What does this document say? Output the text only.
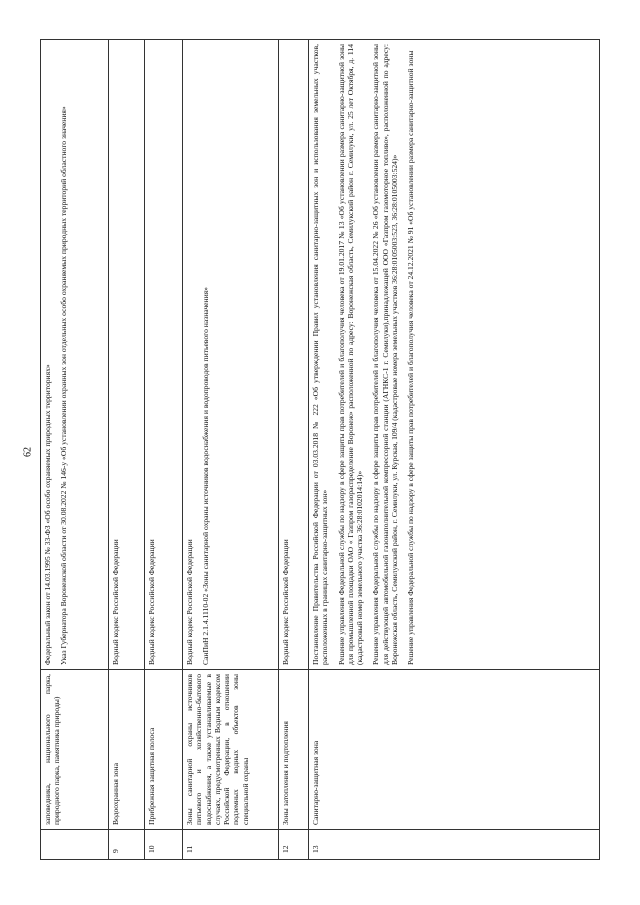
62
	заповедника, национального парка, природного парка, памятника природы)	Федеральный закон от 14.03.1995 № 33-ФЗ «Об особо охраняемых природных территориях» Указ Губернатора Воронежской области от 30.08.2022 № 146-у «Об установлении охранных зон отдельных особо охраняемых природных территорий областного значения»

9	Водоохранная зона	Водный кодекс Российской Федерации

10	Прибрежная защитная полоса	Водный кодекс Российской Федерации

11	Зоны санитарной охраны источников питьевого и хозяйственно-бытового водоснабжения, а также устанавливаемые в случаях, предусмотренных Водным кодексом Российской Федерации, в отношении подземных водных объектов зоны специальной охраны	Водный кодекс Российской Федерации СанПиН 2.1.4.1110-02 «Зоны санитарной охраны источников водоснабжения и водопроводов питьевого назначения»

12	Зоны затопления и подтопления	Водный кодекс Российской Федерации

13	Санитарно-защитная зона	Постановление Правительства Российской Федерации от 03.03.2018 № 222 «Об утверждении Правил установления санитарно-защитных зон и использования земельных участков, расположенных в границах санитарно-защитных зон» Решение управления Федеральной службы по надзору в сфере защиты прав потребителей и благополучия человека от 19.01.2017 № 13 «Об установлении размера санитарно-защитной зоны для промышленной площадки ОАО « Газпром газораспределение Воронеж» расположенной по адресу: Воронежская область, Семилукский район г. Семилуки, ул. 25 лет Октября, д. 114 (кадастровый номер земельного участка 36:28:0102014:14)» Решение управления Федеральной службы по надзору в сфере защиты прав потребителей и благополучия человека от 15.04.2022 № 26 «Об установлении размера санитарно-защитной зоны для действующей автомобильной газонаполнительной компрессорной станции (АГНКС-1 г. Семилуки),принадлежащей ООО «Газпром газомоторное топливо», расположенной по адресу: Воронежская область, Семилукский район, г. Семилуки, ул. Курская, 109/4 (кадастровые номера земельных участков 36:28:0105003:523, 36:28:0105003:524)» Решение управления Федеральной службы по надзору в сфере защиты прав потребителей и благополучия человека от 24.12.2021 № 91 «Об установлении размера санитарно-защитной зоны
